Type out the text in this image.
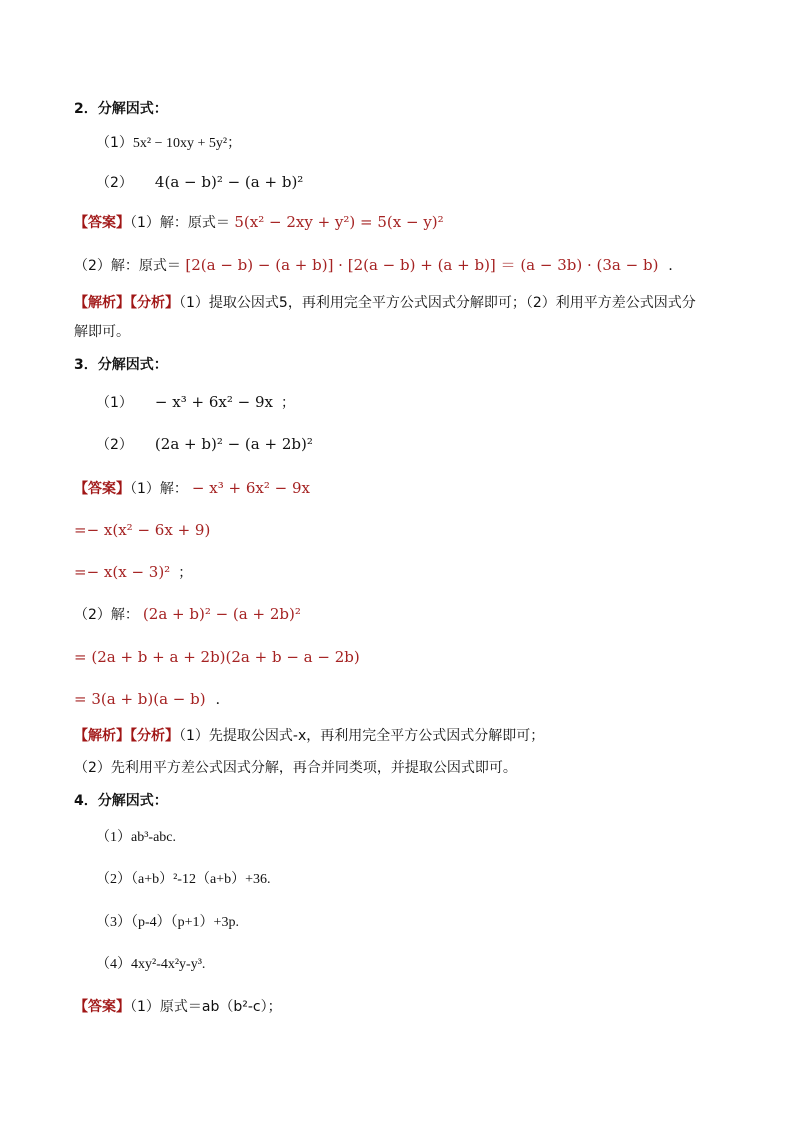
2．分解因式：
（1）5x² − 10xy + 5y²；
（2） 4(a − b)² − (a + b)²
【答案】（1）解：原式＝ 5(x² − 2xy + y²) = 5(x − y)²
（2）解：原式＝ [2(a − b) − (a + b)] · [2(a − b) + (a + b)] ＝ (a − 3b) · (3a − b) ．
【解析】【分析】（1）提取公因式5，再利用完全平方公式因式分解即可；（2）利用平方差公式因式分
解即可。
3．分解因式：
（1） − x³ + 6x² − 9x ；
（2） (2a + b)² − (a + 2b)²
【答案】（1）解： − x³ + 6x² − 9x
=− x(x² − 6x + 9)
=− x(x − 3)² ；
（2）解： (2a + b)² − (a + 2b)²
= (2a + b + a + 2b)(2a + b − a − 2b)
= 3(a + b)(a − b) ．
【解析】【分析】（1）先提取公因式-x，再利用完全平方公式因式分解即可；
（2）先利用平方差公式因式分解，再合并同类项，并提取公因式即可。
4．分解因式：
（1）ab³-abc.
（2）（a+b）²-12（a+b）+36.
（3）（p-4）（p+1）+3p.
（4）4xy²-4x²y-y³.
【答案】（1）原式＝ab（b²-c）；
